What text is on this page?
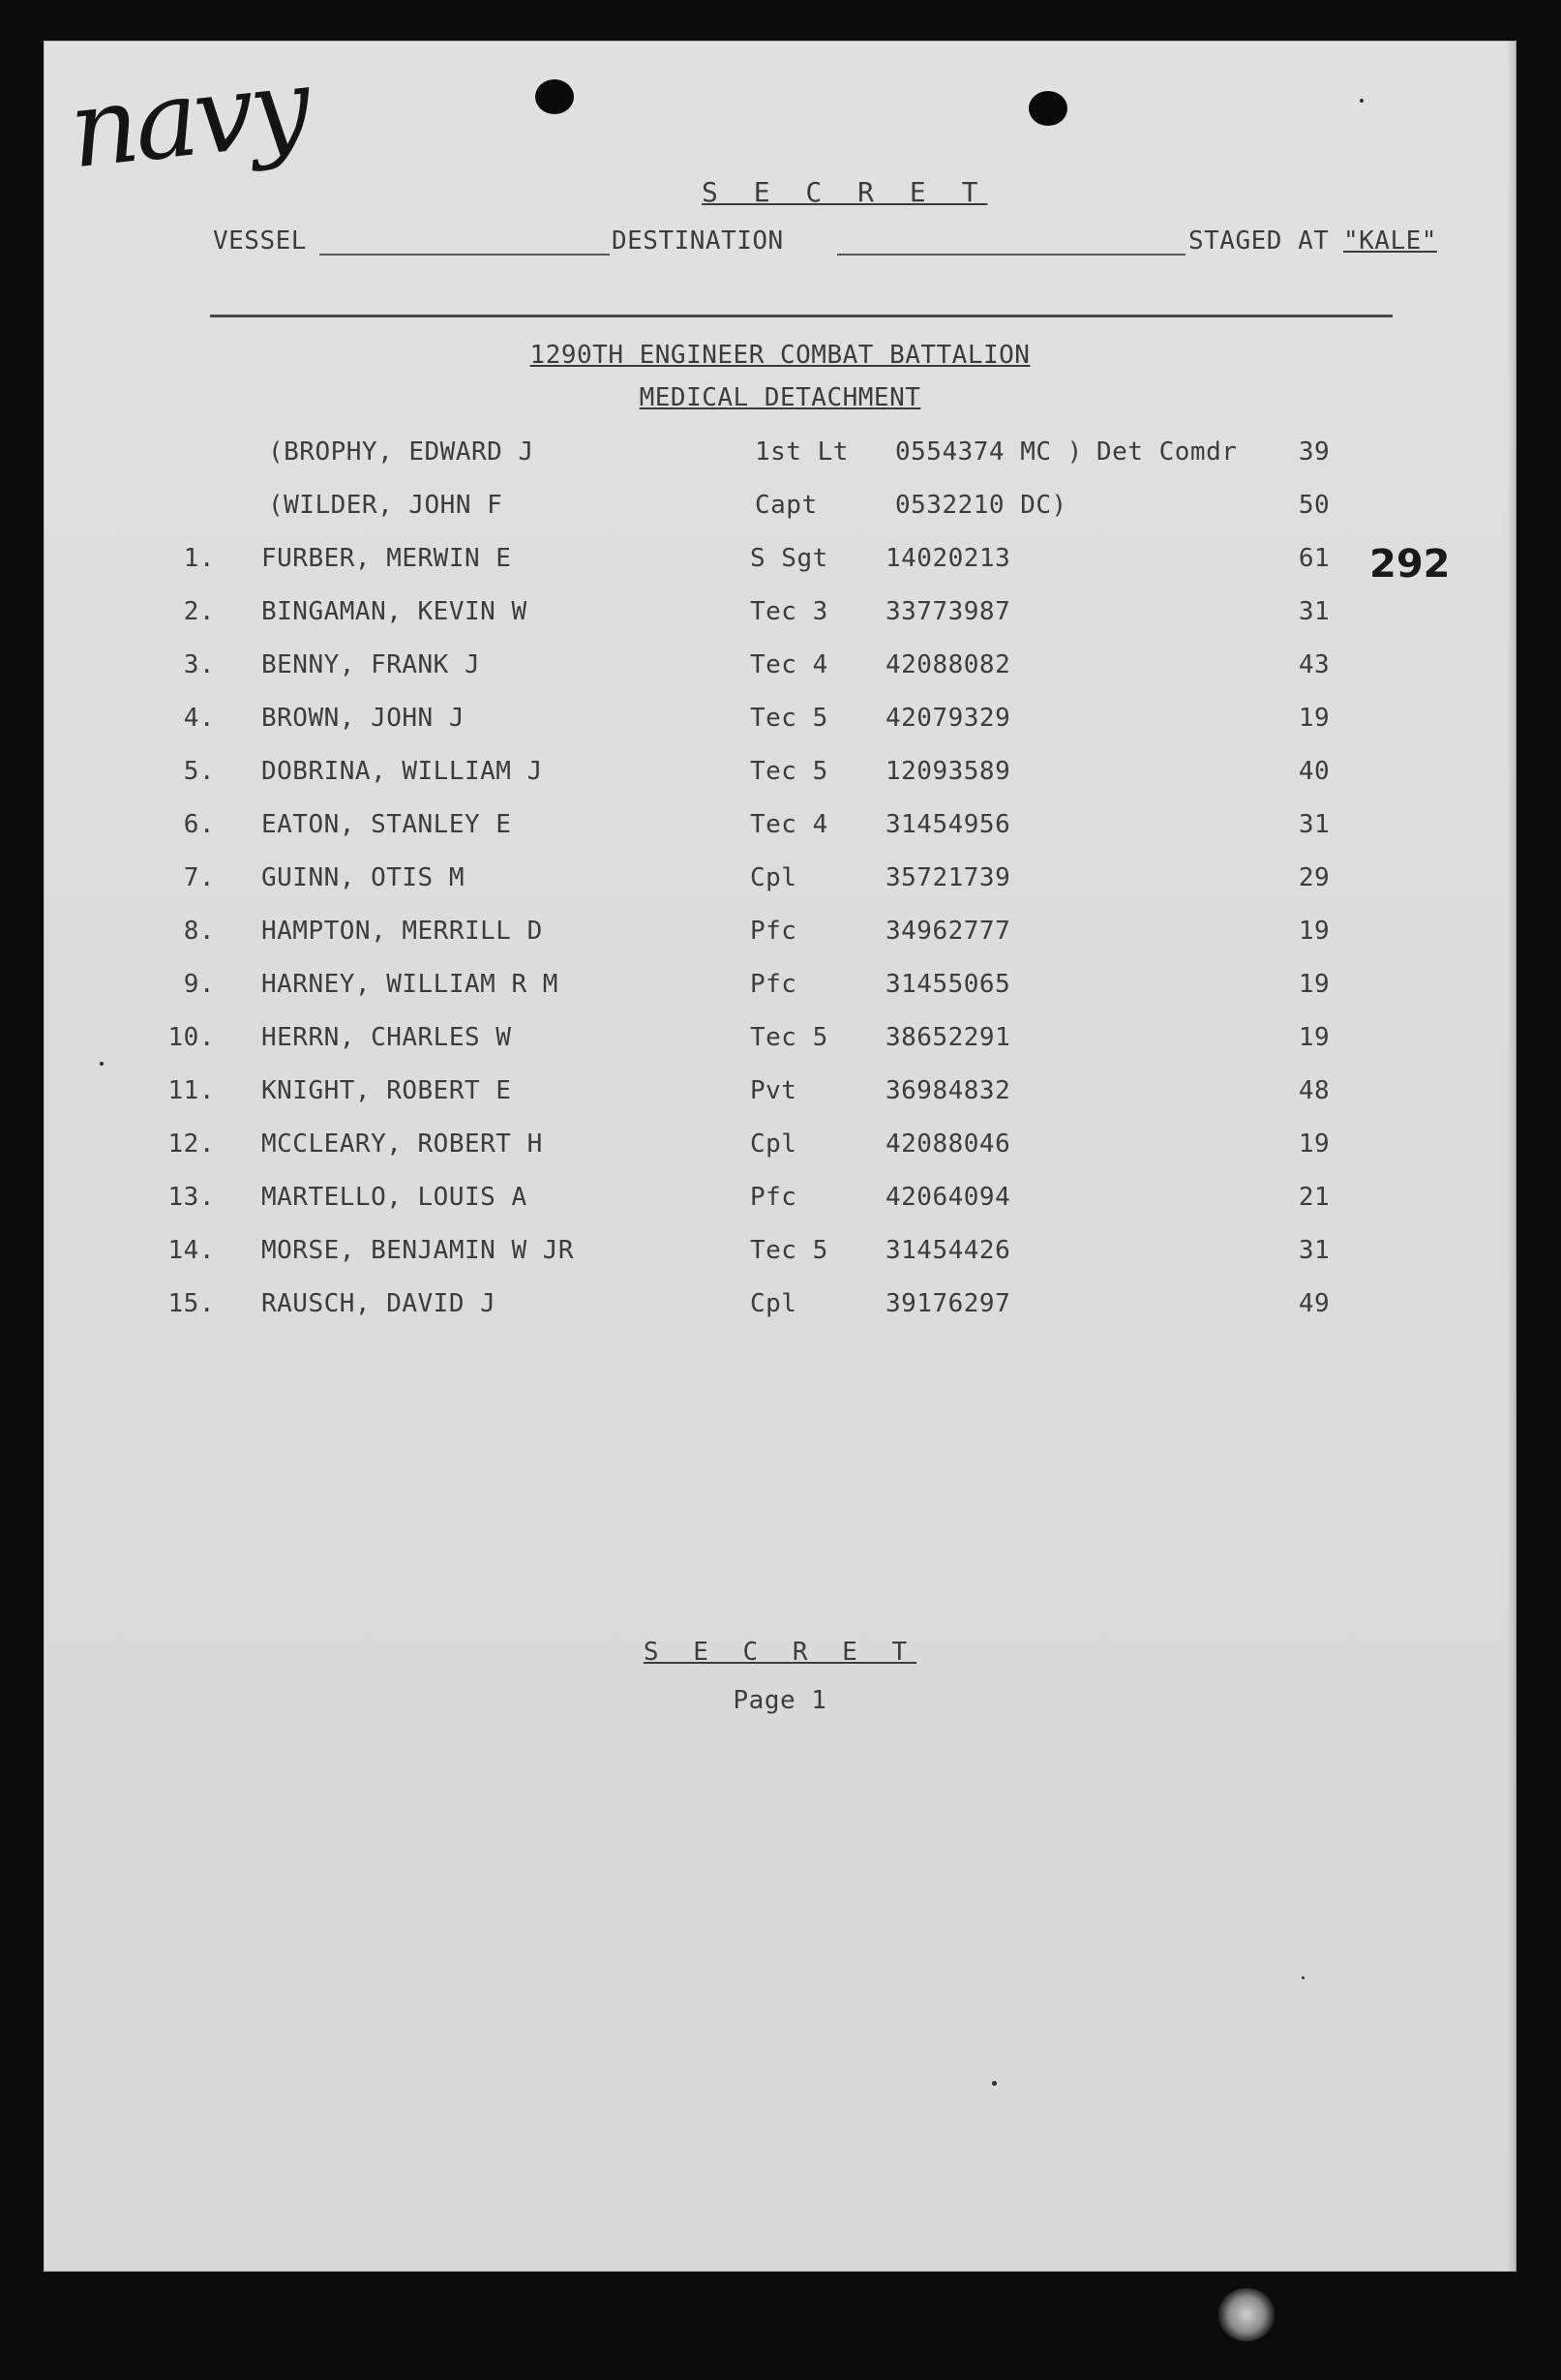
navy
292
S E C R E T
VESSEL	DESTINATION	STAGED AT "KALE"
1290TH ENGINEER COMBAT BATTALION
MEDICAL DETACHMENT
(BROPHY, EDWARD J	1st Lt 0554374 MC ) Det Comdr	39
(WILDER, JOHN F	Capt	0532210 DC)	50
1. FURBER, MERWIN E	S Sgt 14020213	61
2. BINGAMAN, KEVIN W	Tec 3 33773987	31
3. BENNY, FRANK J	Tec 4 42088082	43
4. BROWN, JOHN J	Tec 5 42079329	19
5. DOBRINA, WILLIAM J	Tec 5 12093589	40
6. EATON, STANLEY E	Tec 4 31454956	31
7. GUINN, OTIS M	Cpl	35721739	29
8. HAMPTON, MERRILL D	Pfc	34962777	19
9. HARNEY, WILLIAM R M	Pfc	31455065	19
10. HERRN, CHARLES W	Tec 5 38652291	19
11. KNIGHT, ROBERT E	Pvt	36984832	48
12. MCCLEARY, ROBERT H	Cpl	42088046	19
13. MARTELLO, LOUIS A	Pfc	42064094	21
14. MORSE, BENJAMIN W JR	Tec 5 31454426	31
15. RAUSCH, DAVID J	Cpl	39176297	49
S E C R E T
Page 1
